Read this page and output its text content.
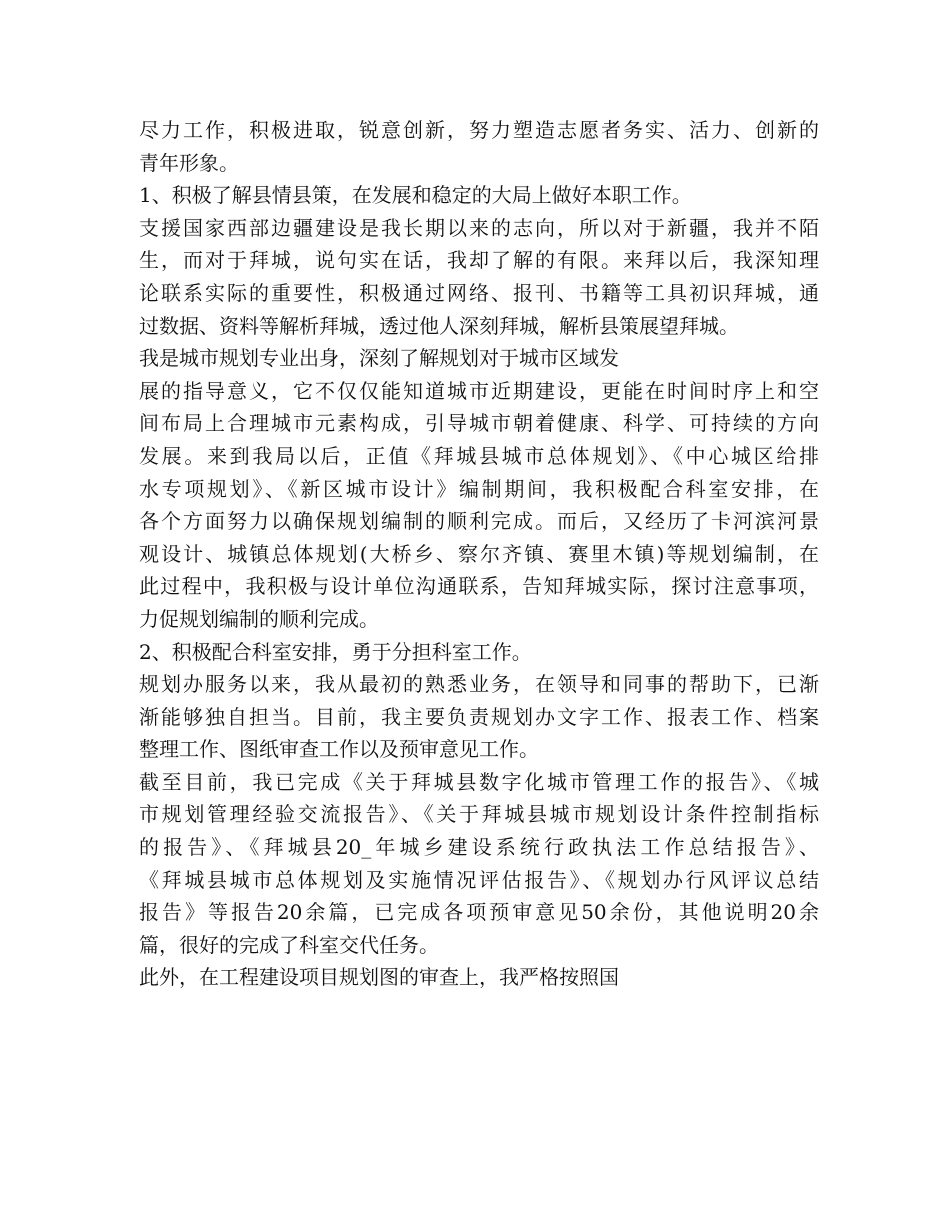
尽力工作，积极进取，锐意创新，努力塑造志愿者务实、活力、创新的
青年形象。
1、积极了解县情县策，在发展和稳定的大局上做好本职工作。
支援国家西部边疆建设是我长期以来的志向，所以对于新疆，我并不陌
生，而对于拜城，说句实在话，我却了解的有限。来拜以后，我深知理
论联系实际的重要性，积极通过网络、报刊、书籍等工具初识拜城，通
过数据、资料等解析拜城，透过他人深刻拜城，解析县策展望拜城。
我是城市规划专业出身，深刻了解规划对于城市区域发
展的指导意义，它不仅仅能知道城市近期建设，更能在时间时序上和空
间布局上合理城市元素构成，引导城市朝着健康、科学、可持续的方向
发展。来到我局以后，正值《拜城县城市总体规划》、《中心城区给排
水专项规划》、《新区城市设计》编制期间，我积极配合科室安排，在
各个方面努力以确保规划编制的顺利完成。而后，又经历了卡河滨河景
观设计、城镇总体规划(大桥乡、察尔齐镇、赛里木镇)等规划编制，在
此过程中，我积极与设计单位沟通联系，告知拜城实际，探讨注意事项，
力促规划编制的顺利完成。
2、积极配合科室安排，勇于分担科室工作。
规划办服务以来，我从最初的熟悉业务，在领导和同事的帮助下，已渐
渐能够独自担当。目前，我主要负责规划办文字工作、报表工作、档案
整理工作、图纸审查工作以及预审意见工作。
截至目前，我已完成《关于拜城县数字化城市管理工作的报告》、《城
市规划管理经验交流报告》、《关于拜城县城市规划设计条件控制指标
的报告》、《拜城县20_年城乡建设系统行政执法工作总结报告》、
《拜城县城市总体规划及实施情况评估报告》、《规划办行风评议总结
报告》等报告20余篇，已完成各项预审意见50余份，其他说明20余
篇，很好的完成了科室交代任务。
此外，在工程建设项目规划图的审查上，我严格按照国
